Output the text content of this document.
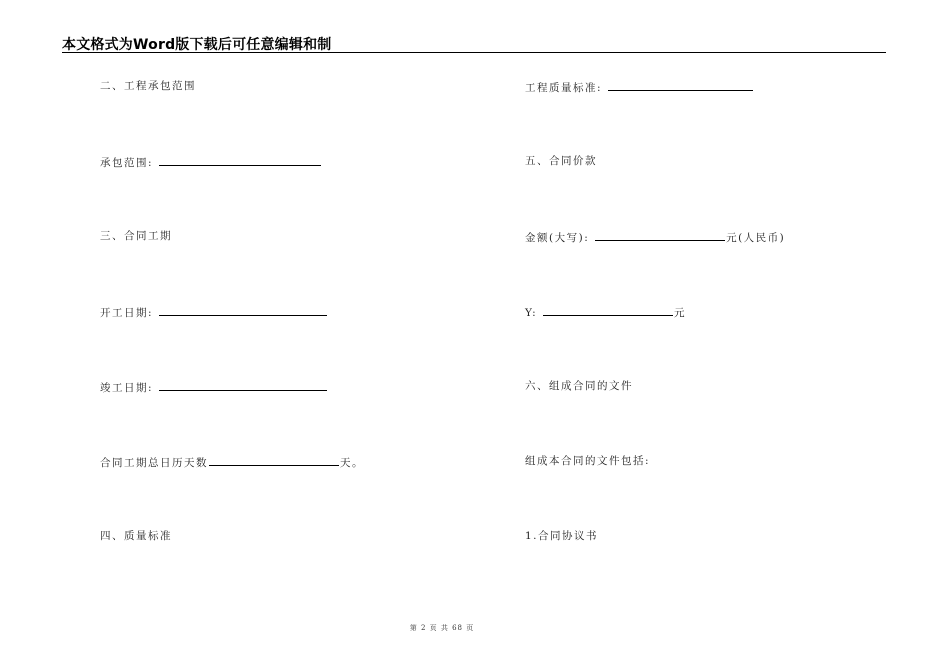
本文格式为Word版下载后可任意编辑和制
二、工程承包范围
承包范围:
三、合同工期
开工日期:
竣工日期:
合同工期总日历天数	天。
四、质量标准
工程质量标准:
五、合同价款
金额(大写):	元(人民币)
Y:	元
六、组成合同的文件
组成本合同的文件包括:
1.合同协议书
第 2 页 共 68 页
